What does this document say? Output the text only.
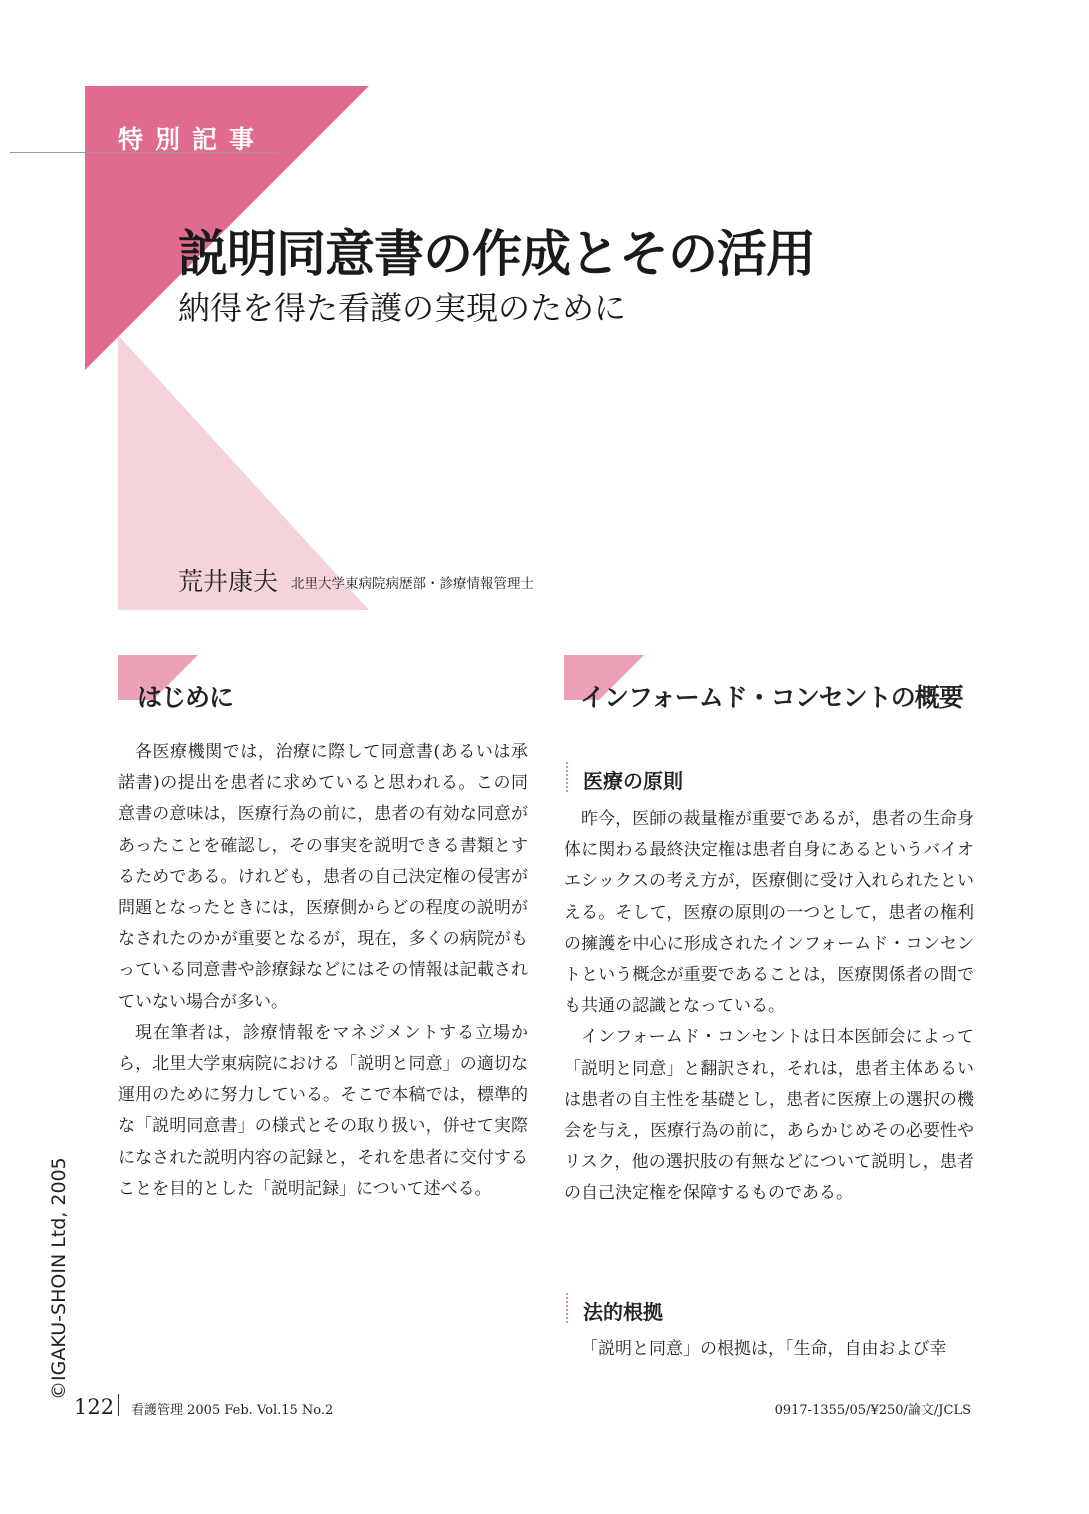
特別記事
説明同意書の作成とその活用
納得を得た看護の実現のために
荒井康夫 北里大学東病院病歴部・診療情報管理士
はじめに

各医療機関では，治療に際して同意書(あるいは承諾書)の提出を患者に求めていると思われる。この同意書の意味は，医療行為の前に，患者の有効な同意があったことを確認し，その事実を説明できる書類とするためである。けれども，患者の自己決定権の侵害が問題となったときには，医療側からどの程度の説明がなされたのかが重要となるが，現在，多くの病院がもっている同意書や診療録などにはその情報は記載されていない場合が多い。

現在筆者は，診療情報をマネジメントする立場から，北里大学東病院における「説明と同意」の適切な運用のために努力している。そこで本稿では，標準的な「説明同意書」の様式とその取り扱い，併せて実際になされた説明内容の記録と，それを患者に交付することを目的とした「説明記録」について述べる。

インフォームド・コンセントの概要
医療の原則

昨今，医師の裁量権が重要であるが，患者の生命身体に関わる最終決定権は患者自身にあるというバイオエシックスの考え方が，医療側に受け入れられたといえる。そして，医療の原則の一つとして，患者の権利の擁護を中心に形成されたインフォームド・コンセントという概念が重要であることは，医療関係者の間でも共通の認識となっている。

インフォームド・コンセントは日本医師会によって「説明と同意」と翻訳され，それは，患者主体あるいは患者の自主性を基礎とし，患者に医療上の選択の機会を与え，医療行為の前に，あらかじめその必要性やリスク，他の選択肢の有無などについて説明し，患者の自己決定権を保障するものである。

法的根拠

「説明と同意」の根拠は，「生命，自由および幸

©IGAKU-SHOIN Ltd, 2005
122 看護管理 2005 Feb. Vol.15 No.2	0917-1355/05/¥250/論文/JCLS
